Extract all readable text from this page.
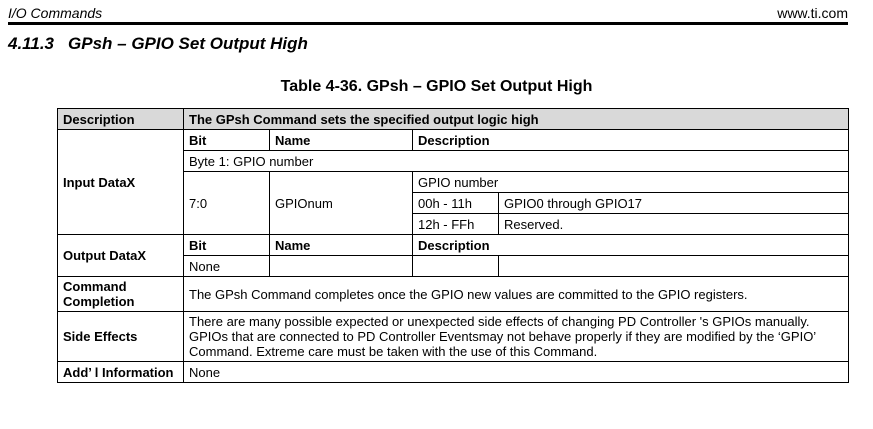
I/O Commands	www.ti.com
4.11.3 GPsh – GPIO Set Output High
Table 4-36. GPsh – GPIO Set Output High
Description	The GPsh Command sets the specified output logic high			
Input DataX	Bit	Name	Description	
	Byte 1: GPIO number			
	7:0	GPIOnum	GPIO number	
			00h - 11h	GPIO0 through GPIO17
			12h - FFh	Reserved.
Output DataX	Bit	Name	Description	
	None			
Command
Completion	The GPsh Command completes once the GPIO new values are committed to the GPIO registers.			
Side Effects	There are many possible expected or unexpected side effects of changing PD Controller 's GPIOs manually. GPIOs that are connected to PD Controller Eventsmay not behave properly if they are modified by the ‘GPIO’ Command. Extreme care must be taken with the use of this Command.			
Add’ l Information	None			
